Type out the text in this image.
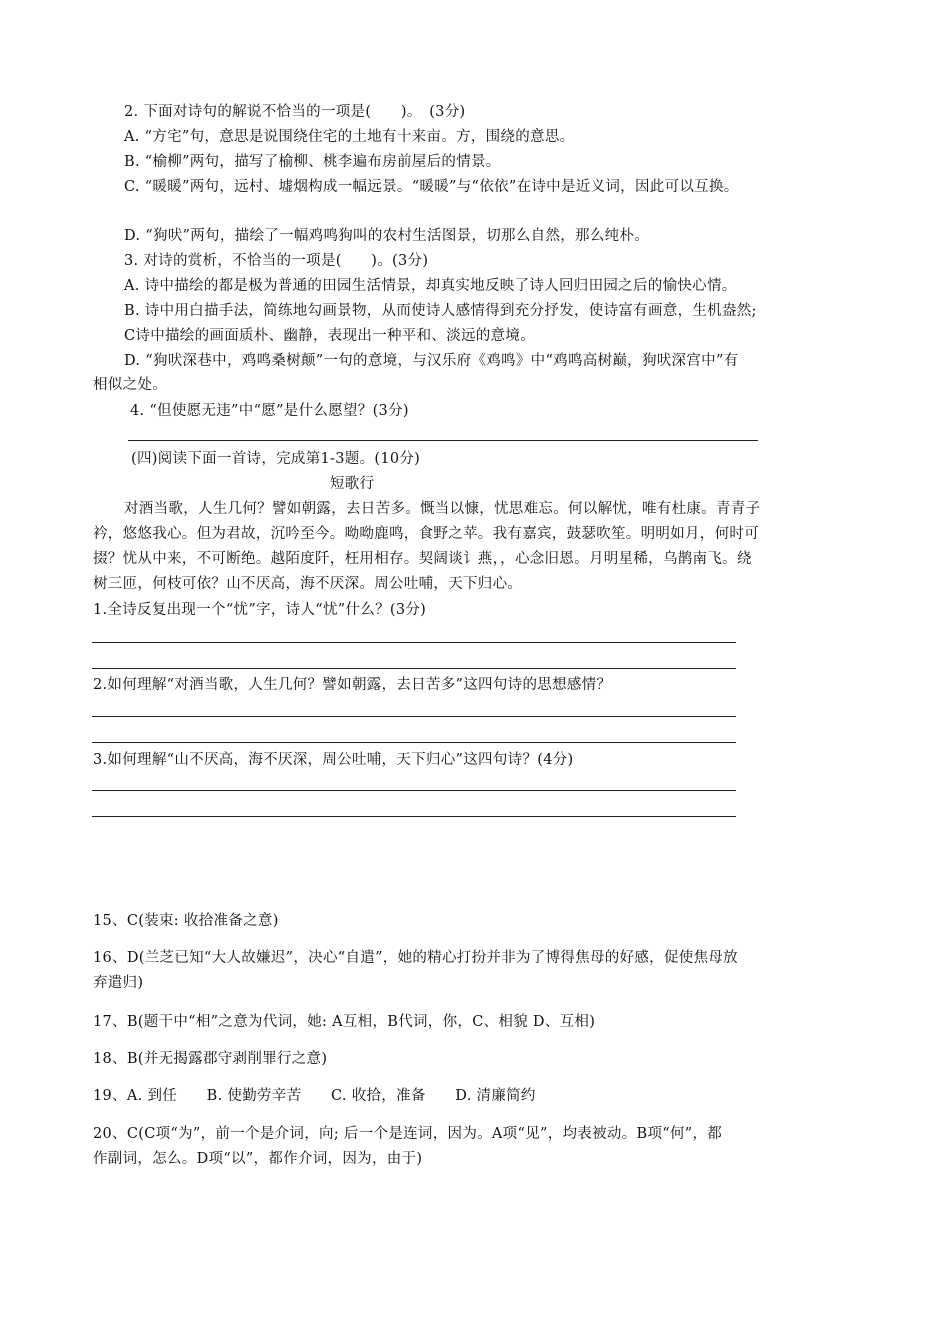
2. 下面对诗句的解说不恰当的一项是(　　)。　(3分)
A. “方宅”句，意思是说围绕住宅的土地有十来亩。方，围绕的意思。
B. “榆柳”两句，描写了榆柳、桃李遍布房前屋后的情景。
C. “暖暖”两句，远村、墟烟构成一幅远景。“暖暖”与“依依”在诗中是近义词，因此可以互换。
D. “狗吠”两句，描绘了一幅鸡鸣狗叫的农村生活图景，切那么自然，那么纯朴。
3. 对诗的赏析，不恰当的一项是(　　)。(3分)
A. 诗中描绘的都是极为普通的田园生活情景，却真实地反映了诗人回归田园之后的愉快心情。
B. 诗中用白描手法，简练地勾画景物，从而使诗人感情得到充分抒发，使诗富有画意，生机盎然;
C诗中描绘的画面质朴、幽静，表现出一种平和、淡远的意境。
D. “狗吠深巷中，鸡鸣桑树颠”一句的意境，与汉乐府《鸡鸣》中“鸡鸣高树巅，狗吠深宫中”有
相似之处。
4. “但使愿无违”中“愿”是什么愿望？(3分)
(四)阅读下面一首诗，完成第1-3题。(10分)
短歌行
对酒当歌，人生几何？譬如朝露，去日苦多。慨当以慷，忧思难忘。何以解忧，唯有杜康。青青子
衿，悠悠我心。但为君故，沉吟至今。呦呦鹿鸣，食野之苹。我有嘉宾，鼓瑟吹笙。明明如月，何时可
掇？忧从中来，不可断绝。越陌度阡，枉用相存。契阔谈讠燕，，心念旧恩。月明星稀，乌鹊南飞。绕
树三匝，何枝可依？山不厌高，海不厌深。周公吐哺，天下归心。
1.全诗反复出现一个“忧”字，诗人“忧”什么？(3分)
2.如何理解“对酒当歌，人生几何？譬如朝露，去日苦多”这四句诗的思想感情？
3.如何理解“山不厌高，海不厌深，周公吐哺，天下归心”这四句诗？(4分)
15、C(装束: 收拾准备之意)
16、D(兰芝已知“大人故嫌迟”，决心“自遣”，她的精心打扮并非为了博得焦母的好感，促使焦母放
弃遣归)
17、B(题干中“相”之意为代词，她: A互相，B代词，你，C、相貌 D、互相)
18、B(并无揭露郡守剥削罪行之意)
19、A. 到任　　B. 使勤劳辛苦　　C. 收拾，准备　　D. 清廉简约
20、C(C项“为”，前一个是介词，向; 后一个是连词，因为。A项“见”，均表被动。B项“何”，都
作副词，怎么。D项“以”，都作介词，因为，由于)
